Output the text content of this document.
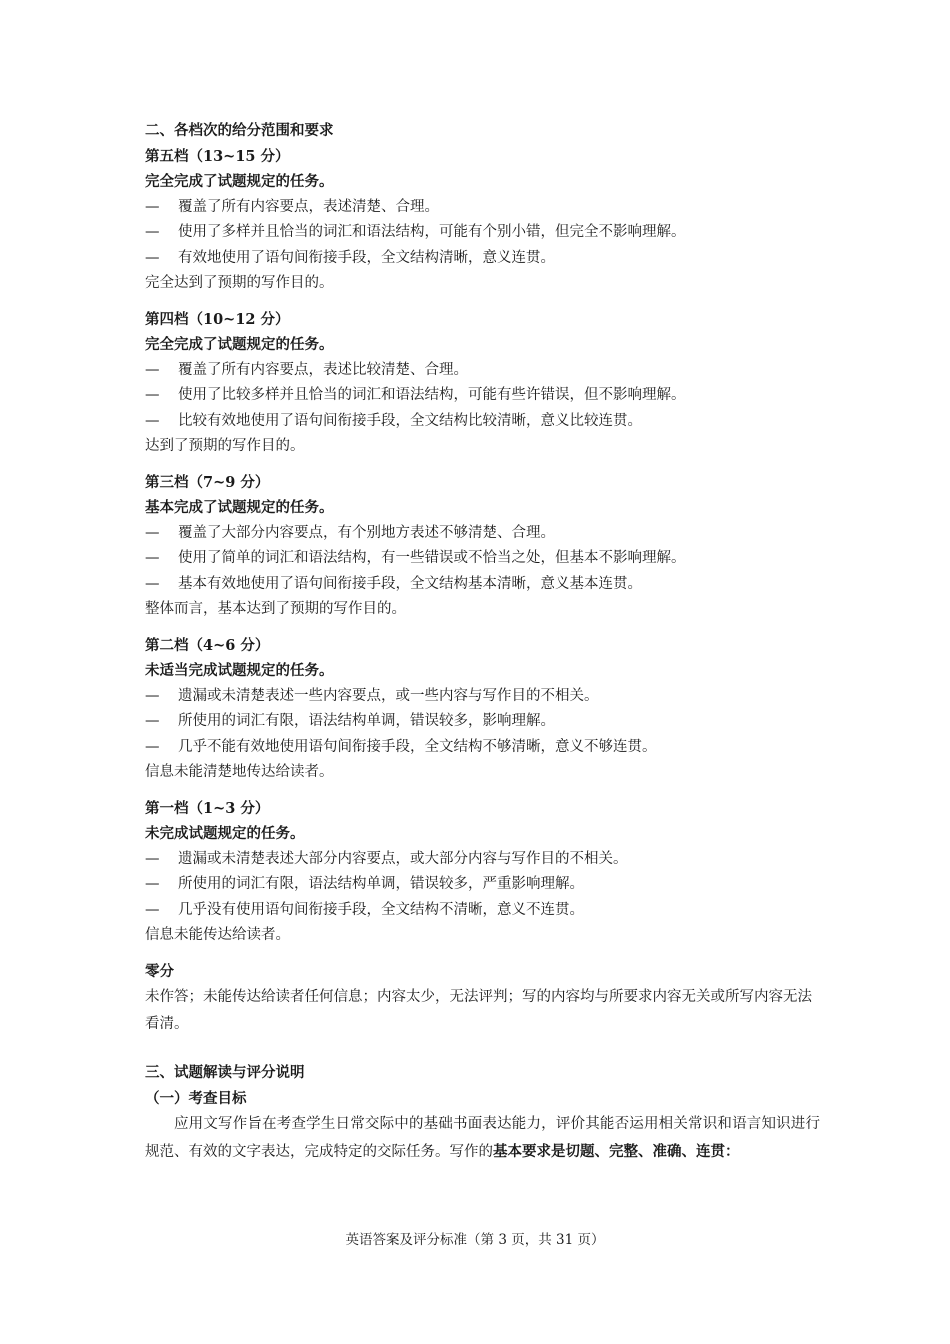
二、各档次的给分范围和要求

第五档（13~15 分）

完全完成了试题规定的任务。

—	覆盖了所有内容要点，表述清楚、合理。
—	使用了多样并且恰当的词汇和语法结构，可能有个别小错，但完全不影响理解。
—	有效地使用了语句间衔接手段，全文结构清晰，意义连贯。

完全达到了预期的写作目的。

第四档（10~12 分）

完全完成了试题规定的任务。

—	覆盖了所有内容要点，表述比较清楚、合理。
—	使用了比较多样并且恰当的词汇和语法结构，可能有些许错误，但不影响理解。
—	比较有效地使用了语句间衔接手段，全文结构比较清晰，意义比较连贯。

达到了预期的写作目的。

第三档（7~9 分）

基本完成了试题规定的任务。

—	覆盖了大部分内容要点，有个别地方表述不够清楚、合理。
—	使用了简单的词汇和语法结构，有一些错误或不恰当之处，但基本不影响理解。
—	基本有效地使用了语句间衔接手段，全文结构基本清晰，意义基本连贯。

整体而言，基本达到了预期的写作目的。

第二档（4~6 分）

未适当完成试题规定的任务。

—	遗漏或未清楚表述一些内容要点，或一些内容与写作目的不相关。
—	所使用的词汇有限，语法结构单调，错误较多，影响理解。
—	几乎不能有效地使用语句间衔接手段，全文结构不够清晰，意义不够连贯。

信息未能清楚地传达给读者。

第一档（1~3 分）

未完成试题规定的任务。

—	遗漏或未清楚表述大部分内容要点，或大部分内容与写作目的不相关。
—	所使用的词汇有限，语法结构单调，错误较多，严重影响理解。
—	几乎没有使用语句间衔接手段，全文结构不清晰，意义不连贯。

信息未能传达给读者。

零分

未作答；未能传达给读者任何信息；内容太少，无法评判；写的内容均与所要求内容无关或所写内容无法看清。

三、试题解读与评分说明

（一）考查目标

应用文写作旨在考查学生日常交际中的基础书面表达能力，评价其能否运用相关常识和语言知识进行规范、有效的文字表达，完成特定的交际任务。写作的基本要求是切题、完整、准确、连贯：

英语答案及评分标准（第 3 页，共 31 页）
